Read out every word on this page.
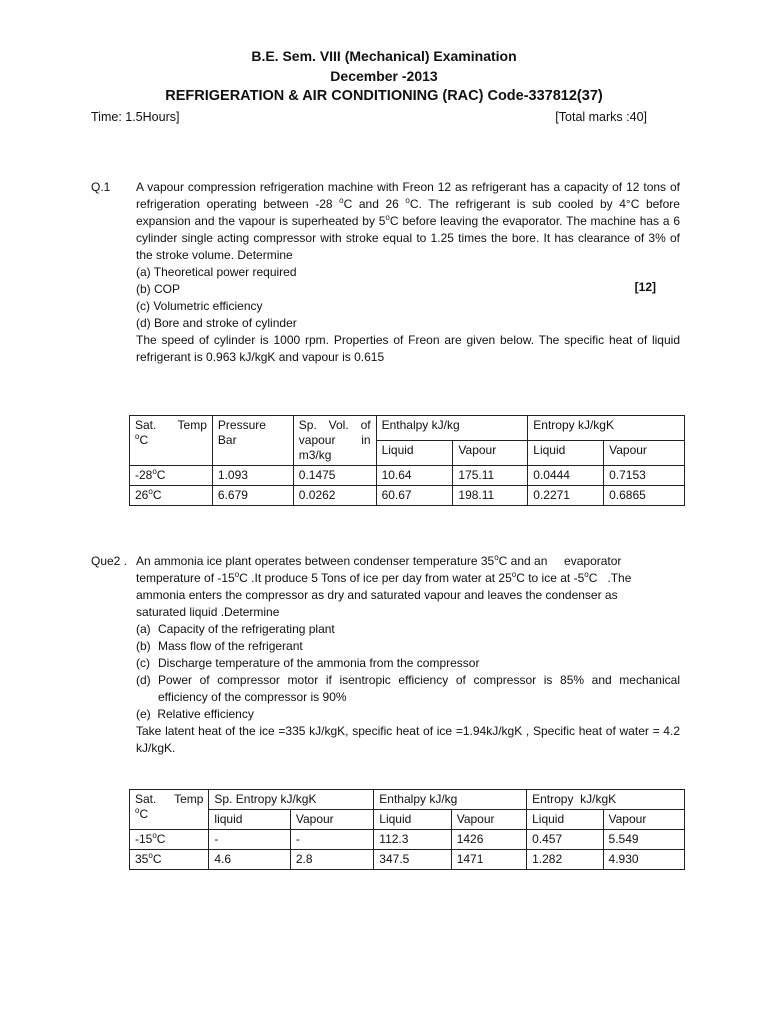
B.E. Sem. VIII (Mechanical) Examination
December -2013
REFRIGERATION & AIR CONDITIONING (RAC) Code-337812(37)
Time: 1.5Hours]	[Total marks :40]
Q.1	A vapour compression refrigeration machine with Freon 12 as refrigerant has a capacity of 12 tons of refrigeration operating between -28 $^o$C and 26 $^o$C. The refrigerant is sub cooled by 4°C before expansion and the vapour is superheated by 5$^o$C before leaving the evaporator. The machine has a 6 cylinder single acting compressor with stroke equal to 1.25 times the bore. It has clearance of 3% of the stroke volume. Determine

(a) Theoretical power required

(b) COP

(c) Volumetric efficiency

(d) Bore and stroke of cylinder

The speed of cylinder is 1000 rpm. Properties of Freon are given below. The specific heat of liquid refrigerant is 0.963 kJ/kgK and vapour is 0.615

[12]
Sat. Temp
$^o$C	Pressure Bar	Sp. Vol. of vapour in m3/kg	Enthalpy kJ/kg		Entropy kJ/kgK	
			Liquid	Vapour	Liquid	Vapour
-28$^o$C	1.093	0.1475	10.64	175.11	0.0444	0.7153
26$^o$C	6.679	0.0262	60.67	198.11	0.2271	0.6865
Que2 . An ammonia ice plant operates between condenser temperature 35$^o$C and an     evaporator

temperature of -15$^o$C .It produce 5 Tons of ice per day from water at 25$^o$C to ice at -5$^o$C   .The

ammonia enters the compressor as dry and saturated vapour and leaves the condenser as

saturated liquid .Determine

(a) Capacity of the refrigerating plant
(b) Mass flow of the refrigerant
(c) Discharge temperature of the ammonia from the compressor
(d) Power of compressor motor if isentropic efficiency of compressor is 85% and mechanical efficiency of the compressor is 90%

(e)  Relative efficiency

Take latent heat of the ice =335 kJ/kgK, specific heat of ice =1.94kJ/kgK , Specific heat of water = 4.2 kJ/kgK.

Sat. Temp
$^o$C	Sp. Entropy kJ/kgK		Enthalpy kJ/kg		Entropy  kJ/kgK	
	liquid	Vapour	Liquid	Vapour	Liquid	Vapour
-15$^o$C	-	-	112.3	1426	0.457	5.549
35$^o$C	4.6	2.8	347.5	1471	1.282	4.930
